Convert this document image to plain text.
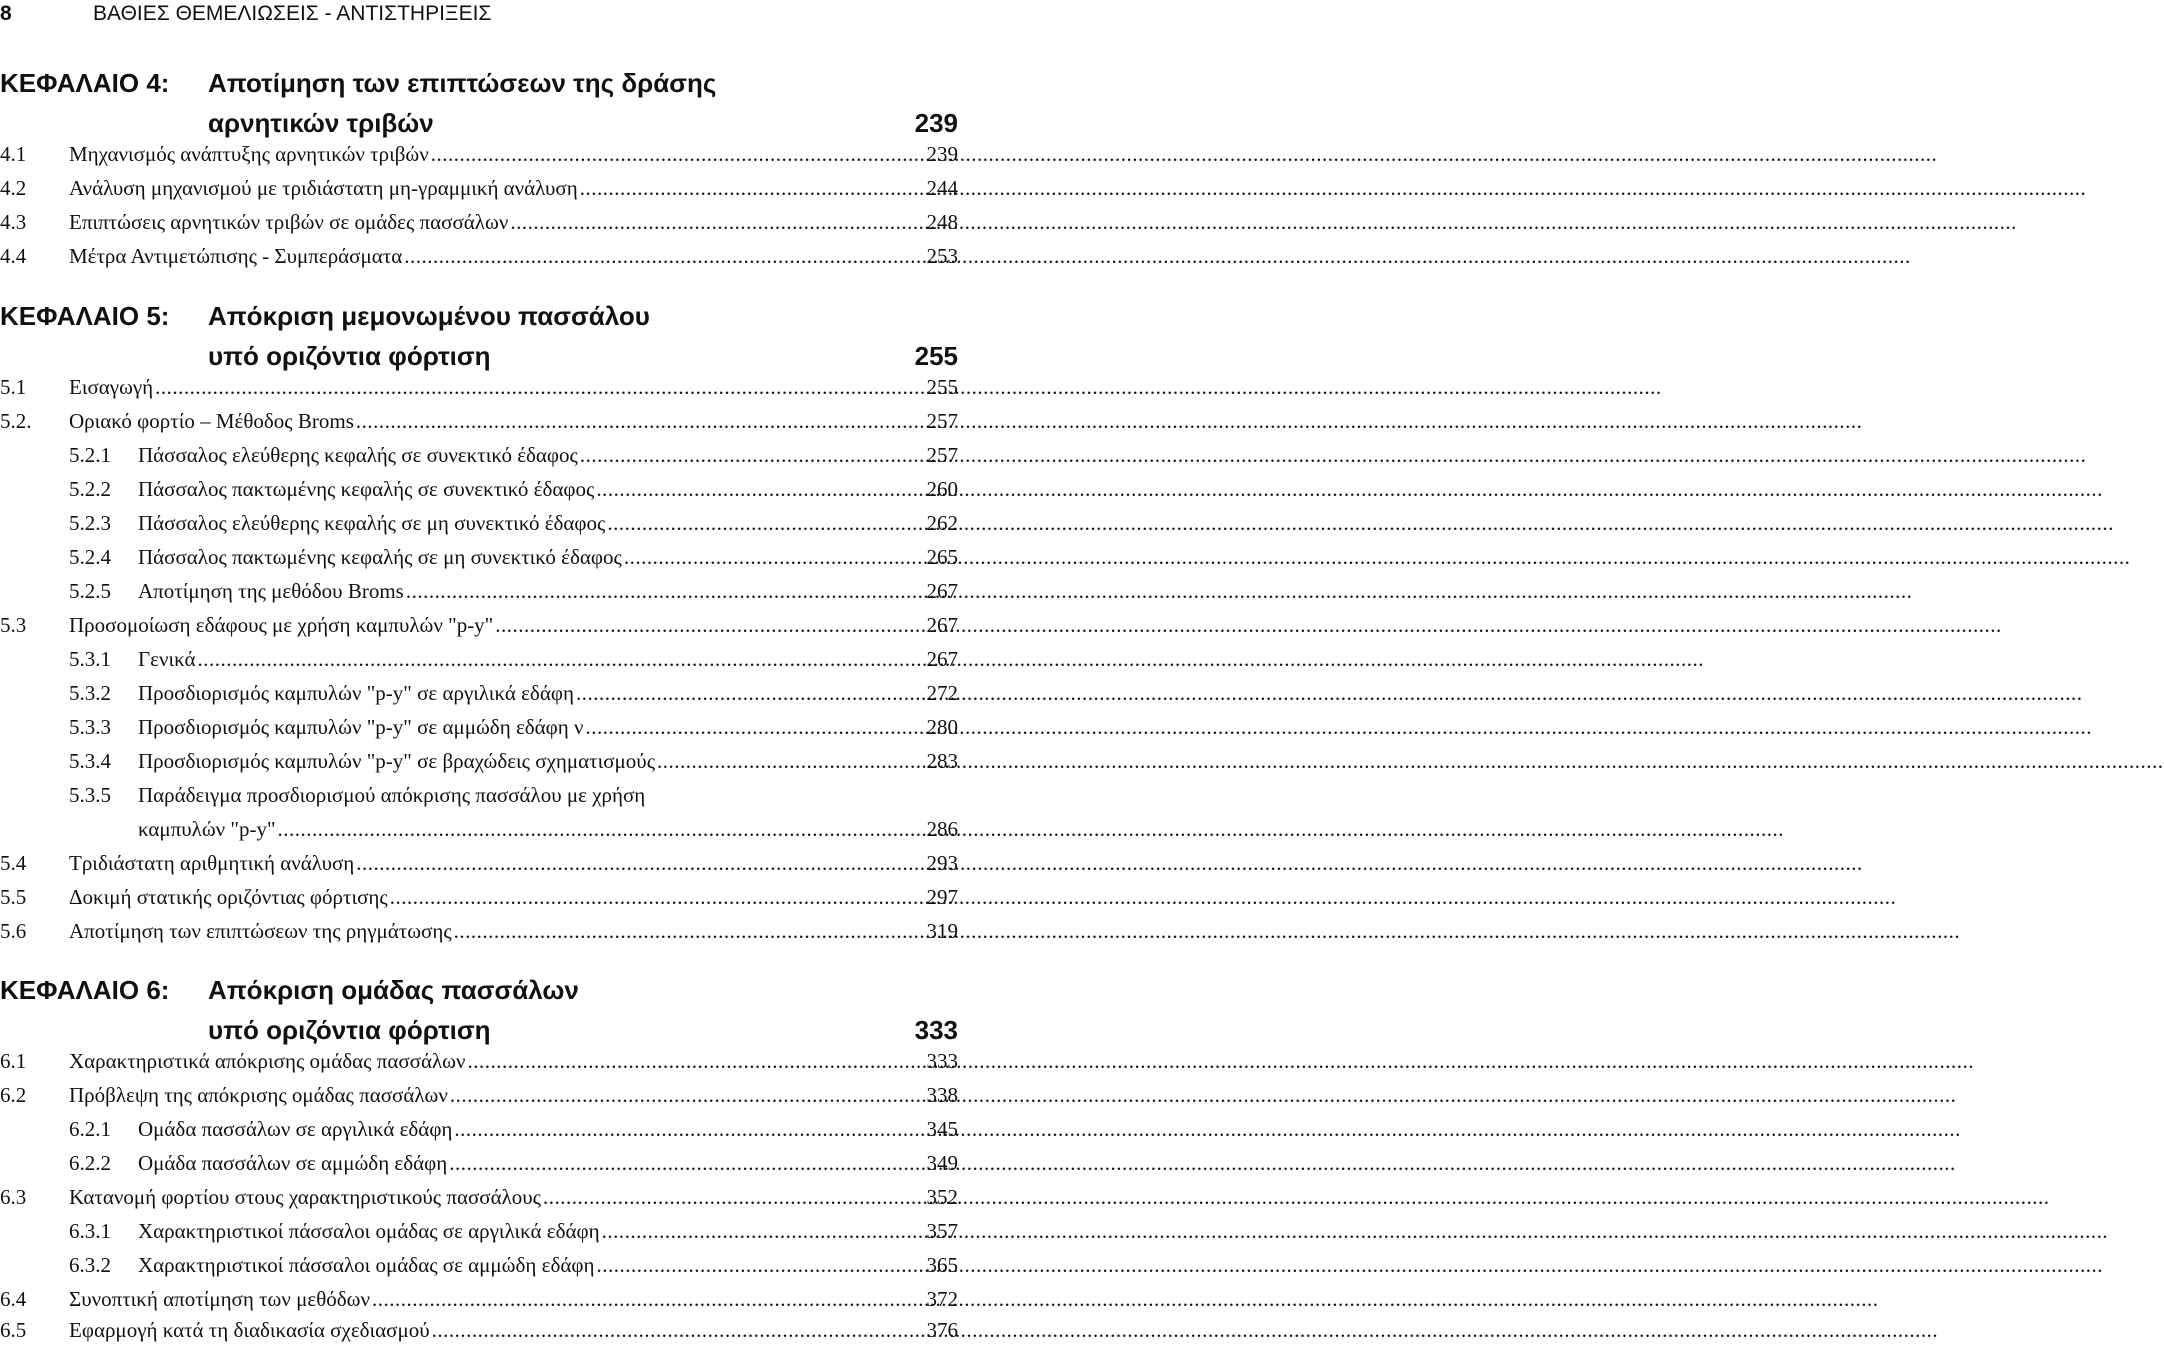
8	ΒΑΘΙΕΣ ΘΕΜΕΛΙΩΣΕΙΣ - ΑΝΤΙΣΤΗΡΙΞΕΙΣ
ΚΕΦΑΛΑΙΟ 4: Αποτίμηση των επιπτώσεων της δράσης
αρνητικών τριβών	239
4.1	Μηχανισμός ανάπτυξης αρνητικών τριβών .....	239
4.2	Ανάλυση μηχανισμού με τριδιάστατη μη-γραμμική ανάλυση .....	244
4.3	Επιπτώσεις αρνητικών τριβών σε ομάδες πασσάλων .....	248
4.4	Μέτρα Αντιμετώπισης - Συμπεράσματα .....	253
ΚΕΦΑΛΑΙΟ 5: Απόκριση μεμονωμένου πασσάλου
υπό οριζόντια φόρτιση	255
5.1	Εισαγωγή .....	255
5.2.	Οριακό φορτίο – Μέθοδος Broms .....	257
5.2.1	Πάσσαλος ελεύθερης κεφαλής σε συνεκτικό έδαφος .....	257
5.2.2	Πάσσαλος πακτωμένης κεφαλής σε συνεκτικό έδαφος .....	260
5.2.3	Πάσσαλος ελεύθερης κεφαλής σε μη συνεκτικό έδαφος .....	262
5.2.4	Πάσσαλος πακτωμένης κεφαλής σε μη συνεκτικό έδαφος .....	265
5.2.5	Αποτίμηση της μεθόδου Broms .....	267
5.3	Προσομοίωση εδάφους με χρήση καμπυλών "p-y" .....	267
5.3.1	Γενικά .....	267
5.3.2	Προσδιορισμός καμπυλών "p-y" σε αργιλικά εδάφη .....	272
5.3.3	Προσδιορισμός καμπυλών "p-y" σε αμμώδη εδάφη ν .....	280
5.3.4	Προσδιορισμός καμπυλών "p-y" σε βραχώδεις σχηματισμούς .....	283
5.3.5 Παράδειγμα προσδιορισμού απόκρισης πασσάλου με χρήση
καμπυλών "p-y" .....	286
5.4	Τριδιάστατη αριθμητική ανάλυση .....	293
5.5	Δοκιμή στατικής οριζόντιας φόρτισης .....	297
5.6	Αποτίμηση των επιπτώσεων της ρηγμάτωσης .....	319
ΚΕΦΑΛΑΙΟ 6: Απόκριση ομάδας πασσάλων
υπό οριζόντια φόρτιση	333
6.1	Χαρακτηριστικά απόκρισης ομάδας πασσάλων .....	333
6.2	Πρόβλεψη της απόκρισης ομάδας πασσάλων .....	338
6.2.1	Ομάδα πασσάλων σε αργιλικά εδάφη .....	345
6.2.2	Ομάδα πασσάλων σε αμμώδη εδάφη .....	349
6.3	Κατανομή φορτίου στους χαρακτηριστικούς πασσάλους .....	352
6.3.1	Χαρακτηριστικοί πάσσαλοι ομάδας σε αργιλικά εδάφη .....	357
6.3.2	Χαρακτηριστικοί πάσσαλοι ομάδας σε αμμώδη εδάφη .....	365
6.4	Συνοπτική αποτίμηση των μεθόδων .....	372
6.5	Εφαρμογή κατά τη διαδικασία σχεδιασμού .....	376
